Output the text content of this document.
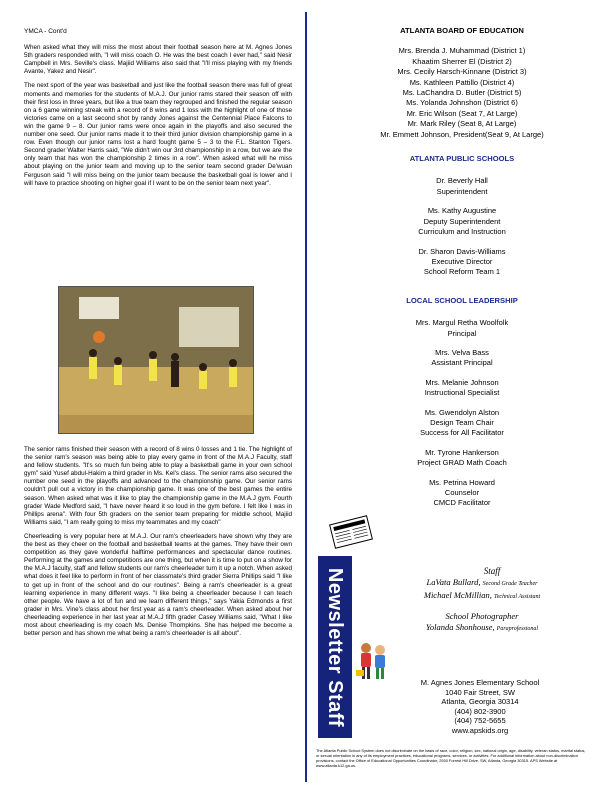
YMCA - Cont'd

When asked what they will miss the most about their football season here at M. Agnes Jones 5th graders responded with, "I will miss coach O. He was the best coach I ever had," said Nesir Campbell in Mrs. Seville's class. Majiid Williams also said that "I'll miss playing with my friends Avante, Yakez and Nesir".

The next sport of the year was basketball and just like the football season there was full of great moments and memories for the students of M.A.J. Our junior rams stared their season off with their first loss in three years, but like a true team they regrouped and finished the regular season on a 6 game winning streak with a record of 8 wins and 1 loss with the highlight of one of those victories came on a last second shot by randy Jones against the Centennial Place Falcons to win the game 9 – 8. Our junior rams were once again in the playoffs and also secured the number one seed. Our junior rams made it to their third junior division championship game in a row. Even though our junior rams lost a hard fought game 5 – 3 to the F.L. Stanton Tigers. Second grader Walter Harris said, "We didn't win our 3rd championship in a row, but we are the only team that has won the championship 2 times in a row". When asked what will he miss about playing on the junior team and moving up to the senior team second grader De'wuan Ferguson said "I will miss being on the junior team because the basketball goal is lower and I will have to practice shooting on higher goal if I want to be on the senior team next year".

The senior rams finished their season with a record of 8 wins 0 losses and 1 tie. The highlight of the senior ram's season was being able to play every game in front of the M.A.J Faculty, staff and fellow students. "It's so much fun being able to play a basketball game in your own school gym" said Yusef abdul-Hakim a third grader in Ms. Kel's class. The senior rams also secured the number one seed in the playoffs and advanced to the championship game. Our senior rams couldn't pull out a victory in the championship game. It was one of the best games the entire season. When asked what was it like to play the championship game in the M.A.J gym. Fourth grader Wade Medford said, "I have never heard it so loud in the gym before. I felt like I was in Phillips arena". With four 5th graders on the senior team preparing for middle school, Majiid Williams said, "I am really going to miss my teammates and my coach"

Cheerleading is very popular here at M.A.J. Our ram's cheerleaders have shown why they are the best as they cheer on the football and basketball teams at the games. They have their own competition as they gave wonderful halftime performances and spectacular dance routines. Performing at the games and competitions are one thing, but when it is time to put on a show for the M.A.J faculty, staff and fellow students our ram's cheerleader turn it up a notch. When asked what does it feel like to perform in front of her classmate's third grader Sierra Phillips said "I like to get up in front of the school and do our routines". Being a ram's cheerleader is a great learning experience in many different ways. "I like being a cheerleader because I can teach other people. We have a lot of fun and we learn different things," says Yakia Edmonds a first grader in Mrs. Vine's class about her first year as a ram's cheerleader. When asked about her cheerleading experience in her last year at M.A.J fifth grader Casey Williams said, "What I like most about cheerleading is my coach Ms. Denise Thompkins. She has helped me become a better person and has shown me what being a ram's cheerleader is all about".

ATLANTA BOARD OF EDUCATION
Mrs. Brenda J. Muhammad (District 1)
Khaatim Sherrer El (District 2)
Mrs. Cecily Harsch-Kinnane (District 3)
Ms. Kathleen Pattillo (District 4)
Ms. LaChandra D. Butler (District 5)
Ms. Yolanda Johnshon (District 6)
Mr. Eric Wilson (Seat 7, At Large)
Mr. Mark Riley (Seat 8, At Large)
Mr. Emmett Johnson, President(Seat 9, At Large)
ATLANTA PUBLIC SCHOOLS
Dr. Beverly Hall
Superintendent
Ms. Kathy Augustine
Deputy Superintendent
Curriculum and Instruction
Dr. Sharon Davis-Williams
Executive Director
School Reform Team 1
LOCAL SCHOOL LEADERSHIP
Mrs. Margul Retha Woolfolk
Principal
Mrs. Velva Bass
Assistant Principal
Mrs. Melanie Johnson
Instructional Specialist
Ms. Gwendolyn Alston
Design Team Chair
Success for All Facilitator
Mr. Tyrone Hankerson
Project GRAD Math Coach
Ms. Petrina Howard
Counselor
CMCD Facilitator
Newsletter Staff	Staff
LaVata Bullard, Second Grade Teacher
Michael McMillian, Technical Assistant
School Photographer
Yolanda Shonhouse, Paraprofessional
M. Agnes Jones Elementary School
1040 Fair Street, SW
Atlanta, Georgia 30314
(404) 802-3900
(404) 752-5655
www.apskids.org
The Atlanta Public School System does not discriminate on the basis of race, color, religion, sex, national origin, age, disability, veteran status, marital status, or sexual orientation in any of its employment practices, educational programs, services, or activities. For additional information about non-discrimination provisions, contact the Office of Educational Opportunities Coordinator, 2930 Forrest Hill Drive, SW, Atlanta, Georgia 30315. APS Website at www.atlanta.k12.ga.us.
